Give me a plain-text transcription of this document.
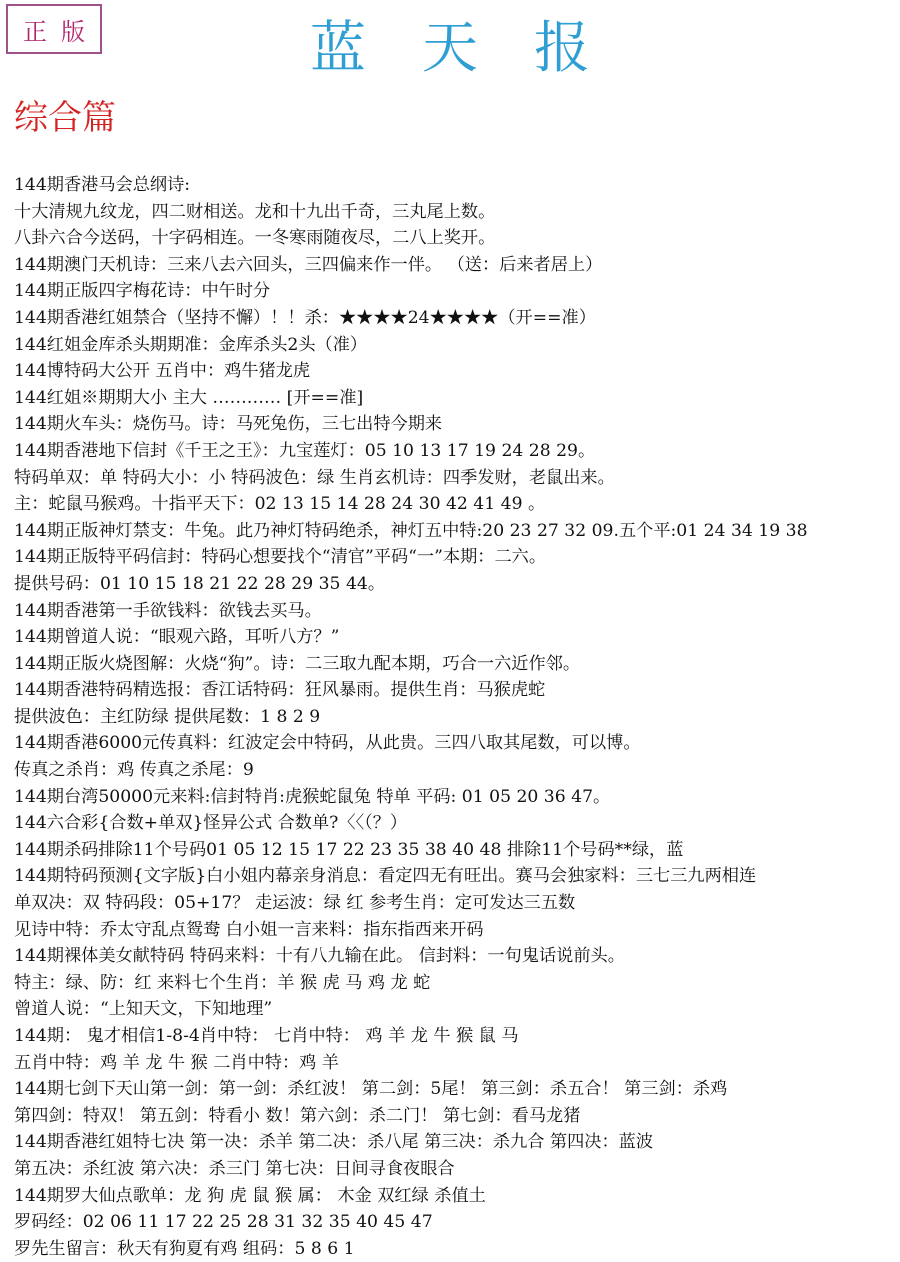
正版	蓝天报
综合篇
144期香港马会总纲诗:
十大清规九纹龙，四二财相送。龙和十九出千奇，三丸尾上数。
八卦六合今送码，十字码相连。一冬寒雨随夜尽，二八上奖开。
144期澳门天机诗：三来八去六回头，三四偏来作一伴。 （送：后来者居上）
144期正版四字梅花诗：中午时分
144期香港红姐禁合（坚持不懈）！！杀：★★★★24★★★★（开==准）
144红姐金库杀头期期准：金库杀头2头（准）
144博特码大公开 五肖中：鸡牛猪龙虎
144红姐※期期大小 主大 ………… [开==准]
144期火车头：烧伤马。诗：马死兔伤，三七出特今期来
144期香港地下信封《千王之王》：九宝莲灯：05 10 13 17 19 24 28 29。
特码单双：单 特码大小：小 特码波色：绿 生肖玄机诗：四季发财，老鼠出来。
主：蛇鼠马猴鸡。十指平天下：02 13 15 14 28 24 30 42 41 49 。
144期正版神灯禁支：牛兔。此乃神灯特码绝杀，神灯五中特:20 23 27 32 09.五个平:01 24 34 19 38
144期正版特平码信封：特码心想要找个“清官”平码“一”本期：二六。
提供号码：01 10 15 18 21 22 28 29 35 44。
144期香港第一手欲钱料：欲钱去买马。
144期曾道人说：“眼观六路，耳听八方？”
144期正版火烧图解：火烧“狗”。诗：二三取九配本期，巧合一六近作邻。
144期香港特码精选报：香江话特码：狂风暴雨。提供生肖：马猴虎蛇
提供波色：主红防绿 提供尾数：1 8 2 9
144期香港6000元传真料：红波定会中特码，从此贵。三四八取其尾数，可以博。
传真之杀肖：鸡 传真之杀尾：9
144期台湾50000元来料:信封特肖:虎猴蛇鼠兔 特单 平码: 01 05 20 36 47。
144六合彩{合数+单双}怪异公式 合数单?〈〈（？）
144期杀码排除11个号码01 05 12 15 17 22 23 35 38 40 48 排除11个号码**绿，蓝
144期特码预测{文字版}白小姐内幕亲身消息：看定四无有旺出。赛马会独家料：三七三九两相连
单双决：双 特码段：05+17？ 走运波：绿 红 参考生肖：定可发达三五数
见诗中特：乔太守乱点鸳鸯 白小姐一言来料：指东指西来开码
144期裸体美女献特码 特码来料：十有八九输在此。 信封料：一句鬼话说前头。
特主：绿、防：红 来料七个生肖：羊 猴 虎 马 鸡 龙 蛇
曾道人说：“上知天文，下知地理”
144期： 鬼才相信1-8-4肖中特： 七肖中特： 鸡 羊 龙 牛 猴 鼠 马
五肖中特：鸡 羊 龙 牛 猴 二肖中特：鸡 羊
144期七剑下天山第一剑：第一剑：杀红波！ 第二剑：5尾！ 第三剑：杀五合！ 第三剑：杀鸡
第四剑：特双！ 第五剑：特看小 数！第六剑：杀二门！ 第七剑：看马龙猪
144期香港红姐特七决 第一决：杀羊 第二决：杀八尾 第三决：杀九合 第四决：蓝波
第五决：杀红波 第六决：杀三门 第七决：日间寻食夜眼合
144期罗大仙点歌单：龙 狗 虎 鼠 猴 属： 木金 双红绿 杀值土
罗码经：02 06 11 17 22 25 28 31 32 35 40 45 47
罗先生留言：秋天有狗夏有鸡 组码：5 8 6 1
